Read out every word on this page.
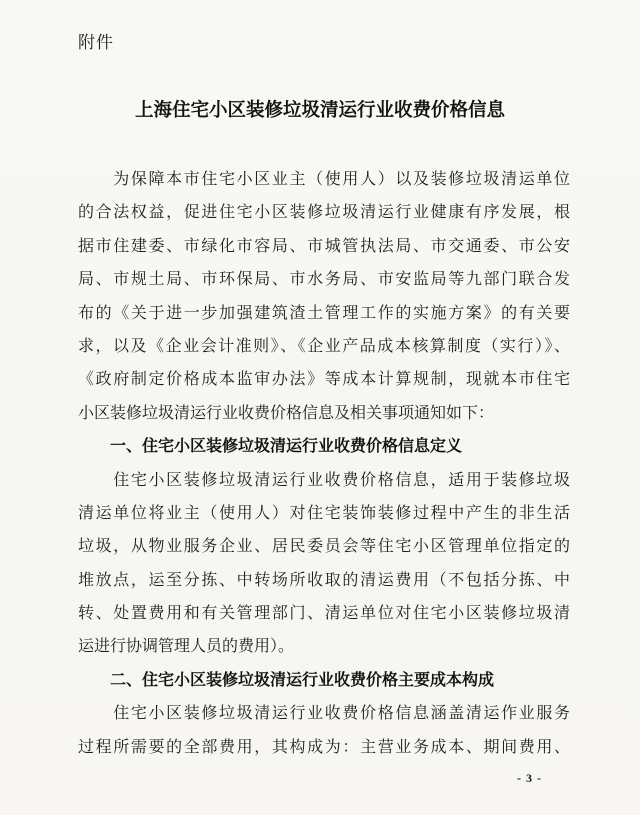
附件
上海住宅小区装修垃圾清运行业收费价格信息
　　为保障本市住宅小区业主（使用人）以及装修垃圾清运单位
的合法权益，促进住宅小区装修垃圾清运行业健康有序发展，根
据市住建委、市绿化市容局、市城管执法局、市交通委、市公安
局、市规土局、市环保局、市水务局、市安监局等九部门联合发
布的《关于进一步加强建筑渣土管理工作的实施方案》的有关要
求，以及《企业会计准则》、《企业产品成本核算制度（实行）》、
《政府制定价格成本监审办法》等成本计算规制，现就本市住宅
小区装修垃圾清运行业收费价格信息及相关事项通知如下：
　　一、住宅小区装修垃圾清运行业收费价格信息定义
　　住宅小区装修垃圾清运行业收费价格信息，适用于装修垃圾
清运单位将业主（使用人）对住宅装饰装修过程中产生的非生活
垃圾，从物业服务企业、居民委员会等住宅小区管理单位指定的
堆放点，运至分拣、中转场所收取的清运费用（不包括分拣、中
转、处置费用和有关管理部门、清运单位对住宅小区装修垃圾清
运进行协调管理人员的费用）。
　　二、住宅小区装修垃圾清运行业收费价格主要成本构成
　　住宅小区装修垃圾清运行业收费价格信息涵盖清运作业服务
过程所需要的全部费用，其构成为：主营业务成本、期间费用、
- 3 -
